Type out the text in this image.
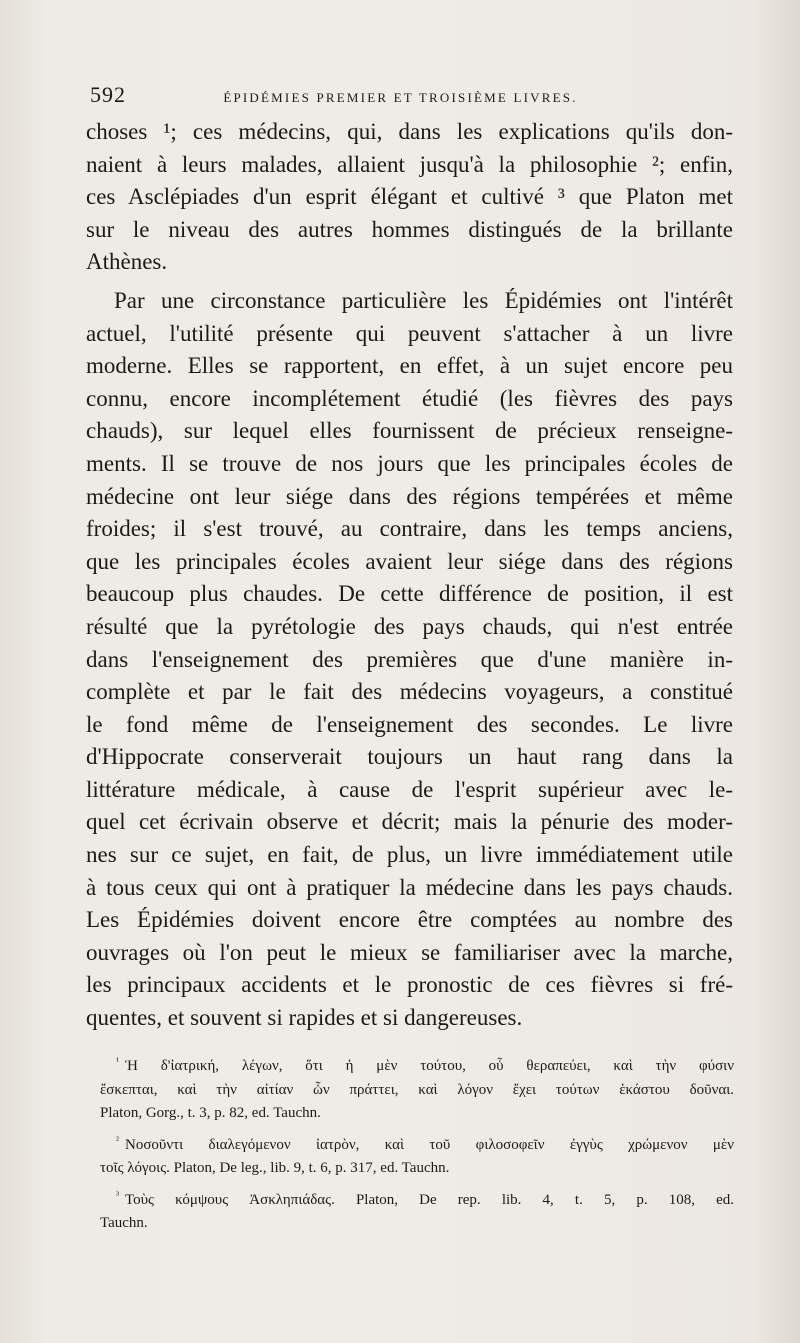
592	ÉPIDÉMIES PREMIER ET TROISIÈME LIVRES.

choses ¹; ces médecins, qui, dans les explications qu'ils don-
naient à leurs malades, allaient jusqu'à la philosophie ²; enfin,
ces Asclépiades d'un esprit élégant et cultivé ³ que Platon met
sur le niveau des autres hommes distingués de la brillante
Athènes.

Par une circonstance particulière les Épidémies ont l'intérêt
actuel, l'utilité présente qui peuvent s'attacher à un livre
moderne. Elles se rapportent, en effet, à un sujet encore peu
connu, encore incomplétement étudié (les fièvres des pays
chauds), sur lequel elles fournissent de précieux renseigne-
ments. Il se trouve de nos jours que les principales écoles de
médecine ont leur siége dans des régions tempérées et même
froides; il s'est trouvé, au contraire, dans les temps anciens,
que les principales écoles avaient leur siége dans des régions
beaucoup plus chaudes. De cette différence de position, il est
résulté que la pyrétologie des pays chauds, qui n'est entrée
dans l'enseignement des premières que d'une manière in-
complète et par le fait des médecins voyageurs, a constitué
le fond même de l'enseignement des secondes. Le livre
d'Hippocrate conserverait toujours un haut rang dans la
littérature médicale, à cause de l'esprit supérieur avec le-
quel cet écrivain observe et décrit; mais la pénurie des moder-
nes sur ce sujet, en fait, de plus, un livre immédiatement utile
à tous ceux qui ont à pratiquer la médecine dans les pays chauds.
Les Épidémies doivent encore être comptées au nombre des
ouvrages où l'on peut le mieux se familiariser avec la marche,
les principaux accidents et le pronostic de ces fièvres si fré-
quentes, et souvent si rapides et si dangereuses.

$^{^1}$ Ἡ δ'ἰατρική, λέγων, ὅτι ἡ μὲν τούτου, οὗ θεραπεύει, καὶ τὴν φύσιν
ἔσκεπται, καὶ τὴν αἰτίαν ὧν πράττει, καὶ λόγον ἔχει τούτων ἑκάστου δοῦναι.
Platon, Gorg., t. 3, p. 82, ed. Tauchn.
$^{^2}$ Νοσοῦντι διαλεγόμενον ἰατρὸν, καὶ τοῦ φιλοσοφεῖν ἐγγὺς χρώμενον μὲν
τοῖς λόγοις. Platon, De leg., lib. 9, t. 6, p. 317, ed. Tauchn.
$^{^3}$ Τοὺς κόμψους Ἀσκληπιάδας. Platon, De rep. lib. 4, t. 5, p. 108, ed.
Tauchn.
